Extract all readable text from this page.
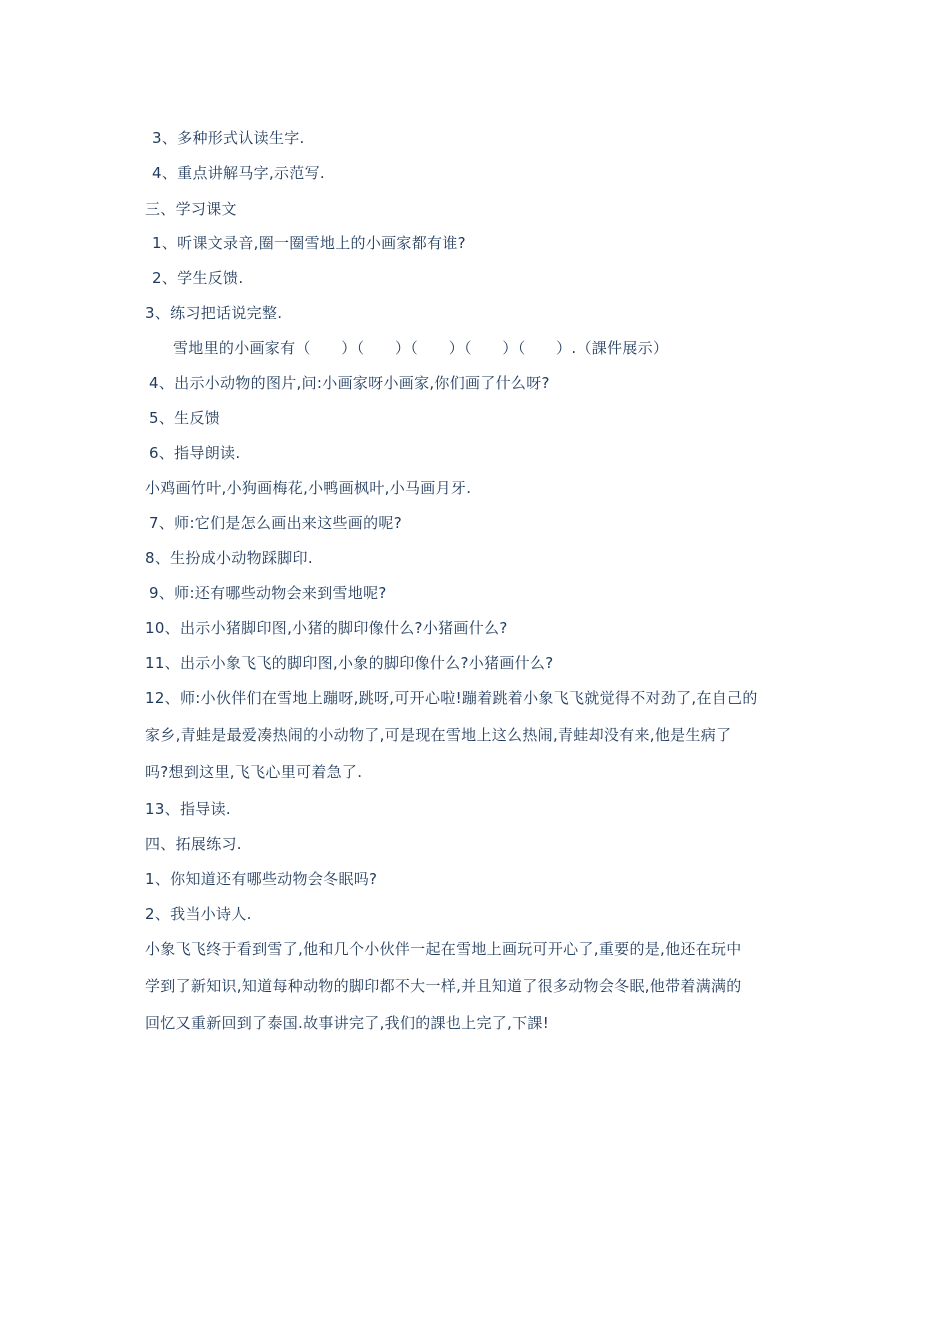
3、多种形式认读生字.
4、重点讲解马字,示范写.
三、学习课文
1、听课文录音,圈一圈雪地上的小画家都有谁?
2、学生反馈.
3、练习把话说完整.
雪地里的小画家有（　　）（　　）（　　）（　　）（　　）.（課件展示）
4、出示小动物的图片,问:小画家呀小画家,你们画了什么呀?
5、生反馈
6、指导朗读.
小鸡画竹叶,小狗画梅花,小鸭画枫叶,小马画月牙.
7、师:它们是怎么画出来这些画的呢?
8、生扮成小动物踩脚印.
9、师:还有哪些动物会来到雪地呢?
10、出示小猪脚印图,小猪的脚印像什么?小猪画什么?
11、出示小象飞飞的脚印图,小象的脚印像什么?小猪画什么?
12、师:小伙伴们在雪地上蹦呀,跳呀,可开心啦!蹦着跳着小象飞飞就觉得不对劲了,在自己的
家乡,青蛙是最爱凑热闹的小动物了,可是现在雪地上这么热闹,青蛙却没有来,他是生病了
吗?想到这里,飞飞心里可着急了.
13、指导读.
四、拓展练习.
1、你知道还有哪些动物会冬眠吗?
2、我当小诗人.
小象飞飞终于看到雪了,他和几个小伙伴一起在雪地上画玩可开心了,重要的是,他还在玩中
学到了新知识,知道每种动物的脚印都不大一样,并且知道了很多动物会冬眠,他带着满满的
回忆又重新回到了泰国.故事讲完了,我们的課也上完了,下課!
